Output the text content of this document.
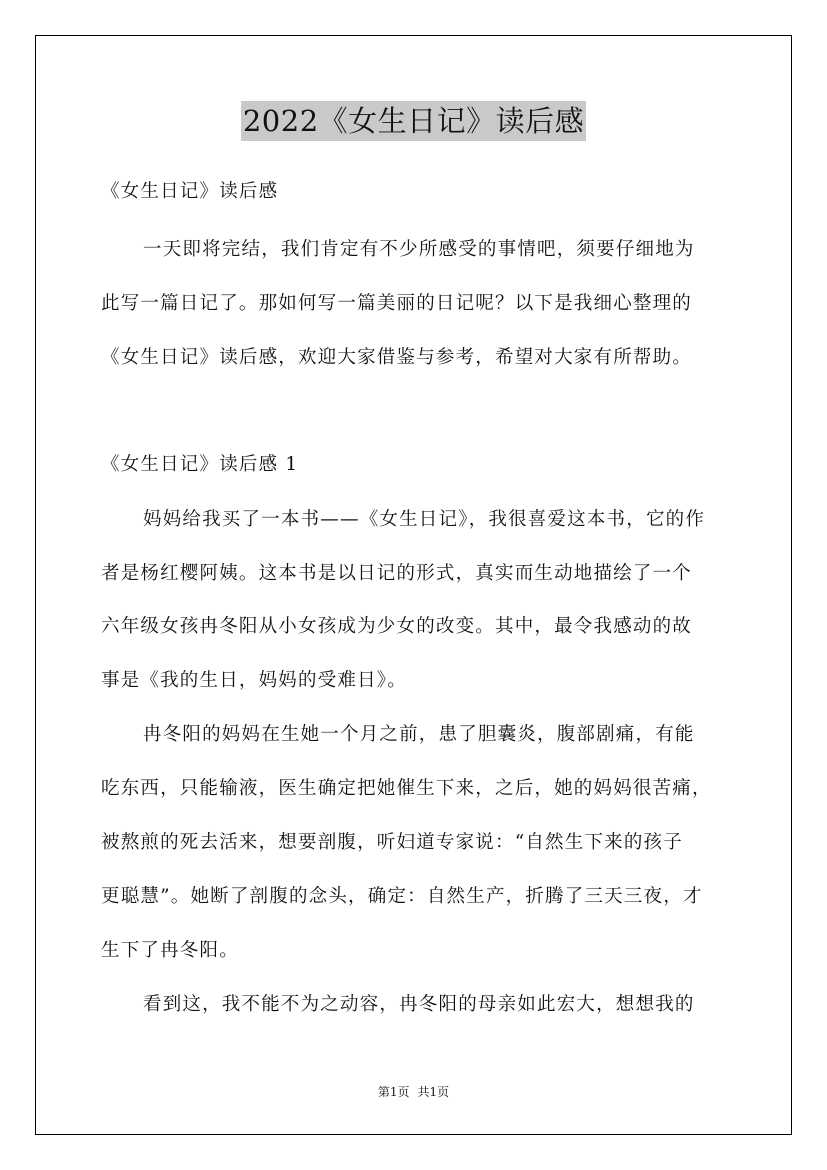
2022《女生日记》读后感
《女生日记》读后感
一天即将完结，我们肯定有不少所感受的事情吧，须要仔细地为
此写一篇日记了。那如何写一篇美丽的日记呢？以下是我细心整理的
《女生日记》读后感，欢迎大家借鉴与参考，希望对大家有所帮助。
《女生日记》读后感 1
妈妈给我买了一本书——《女生日记》，我很喜爱这本书，它的作
者是杨红樱阿姨。这本书是以日记的形式，真实而生动地描绘了一个
六年级女孩冉冬阳从小女孩成为少女的改变。其中，最令我感动的故
事是《我的生日，妈妈的受难日》。
冉冬阳的妈妈在生她一个月之前，患了胆囊炎，腹部剧痛，有能
吃东西，只能输液，医生确定把她催生下来，之后，她的妈妈很苦痛，
被熬煎的死去活来，想要剖腹，听妇道专家说：“自然生下来的孩子
更聪慧”。她断了剖腹的念头，确定：自然生产，折腾了三天三夜，才
生下了冉冬阳。
看到这，我不能不为之动容，冉冬阳的母亲如此宏大，想想我的
第1页 共1页
